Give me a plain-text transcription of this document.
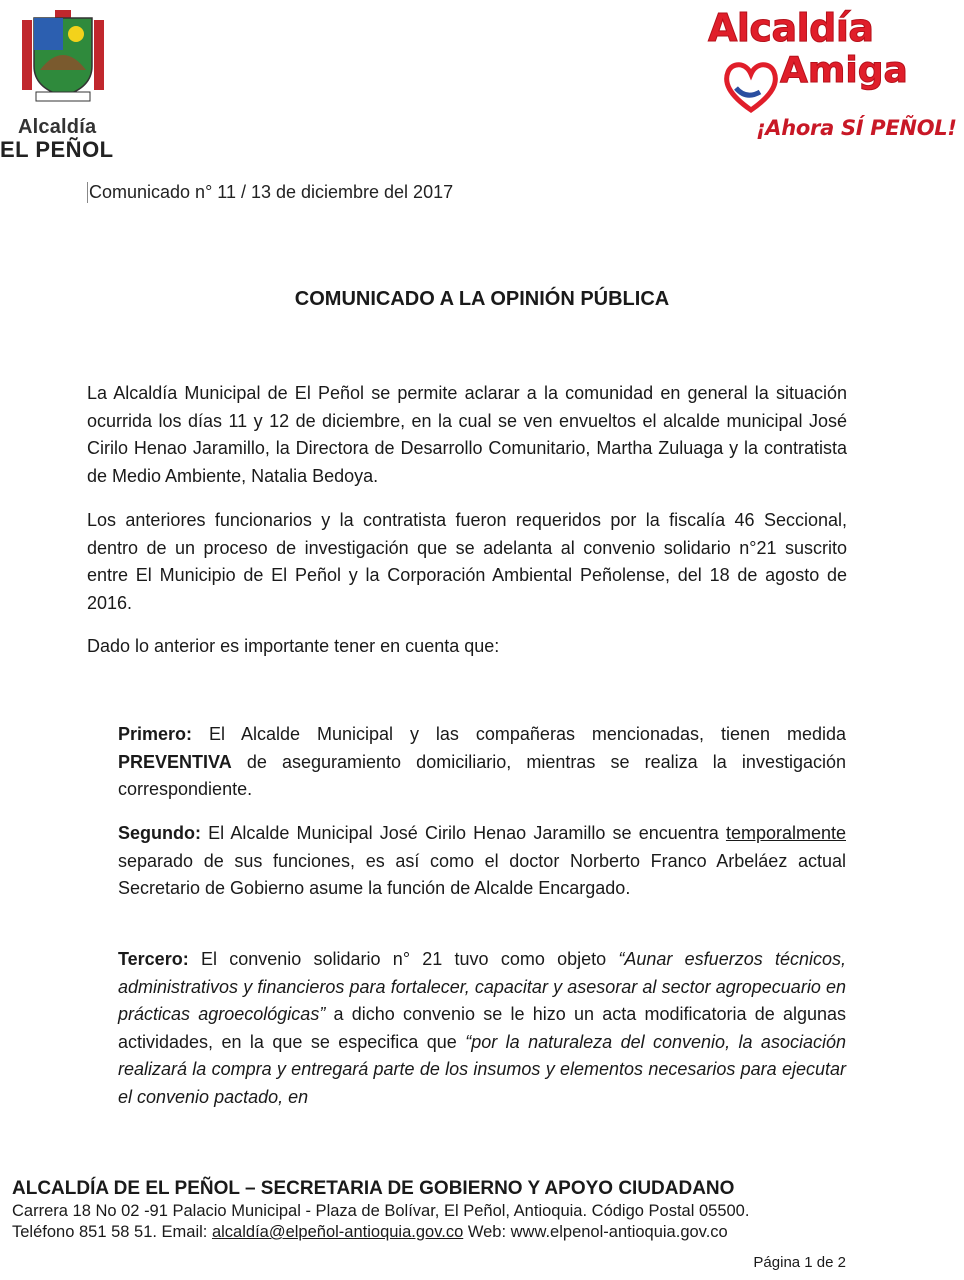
Alcaldía
EL PEÑOL
Alcaldía
Amiga
¡Ahora SÍ PEÑOL!
Comunicado n° 11 / 13 de diciembre del 2017
COMUNICADO A LA OPINIÓN PÚBLICA

La Alcaldía Municipal de El Peñol se permite aclarar a la comunidad en general la situación ocurrida los días 11 y 12 de diciembre, en la cual se ven envueltos el alcalde municipal José Cirilo Henao Jaramillo, la Directora de Desarrollo Comunitario, Martha Zuluaga y la contratista de Medio Ambiente, Natalia Bedoya.

Los anteriores funcionarios y la contratista fueron requeridos por la fiscalía 46 Seccional, dentro de un proceso de investigación que se adelanta al convenio solidario n°21 suscrito entre El Municipio de El Peñol y la Corporación Ambiental Peñolense, del 18 de agosto de 2016.

Dado lo anterior es importante tener en cuenta que:

Primero: El Alcalde Municipal y las compañeras mencionadas, tienen medida PREVENTIVA de aseguramiento domiciliario, mientras se realiza la investigación correspondiente.

Segundo: El Alcalde Municipal José Cirilo Henao Jaramillo se encuentra temporalmente separado de sus funciones, es así como el doctor Norberto Franco Arbeláez actual Secretario de Gobierno asume la función de Alcalde Encargado.

Tercero: El convenio solidario n° 21 tuvo como objeto “Aunar esfuerzos técnicos, administrativos y financieros para fortalecer, capacitar y asesorar al sector agropecuario en prácticas agroecológicas” a dicho convenio se le hizo un acta modificatoria de algunas actividades, en la que se especifica que “por la naturaleza del convenio, la asociación realizará la compra y entregará parte de los insumos y elementos necesarios para ejecutar el convenio pactado, en

ALCALDÍA DE EL PEÑOL – SECRETARIA DE GOBIERNO Y APOYO CIUDADANO
Carrera 18 No 02 -91 Palacio Municipal - Plaza de Bolívar, El Peñol, Antioquia. Código Postal 05500.
Teléfono 851 58 51. Email: alcaldía@elpeñol-antioquia.gov.co Web: www.elpenol-antioquia.gov.co
Página 1 de 2
